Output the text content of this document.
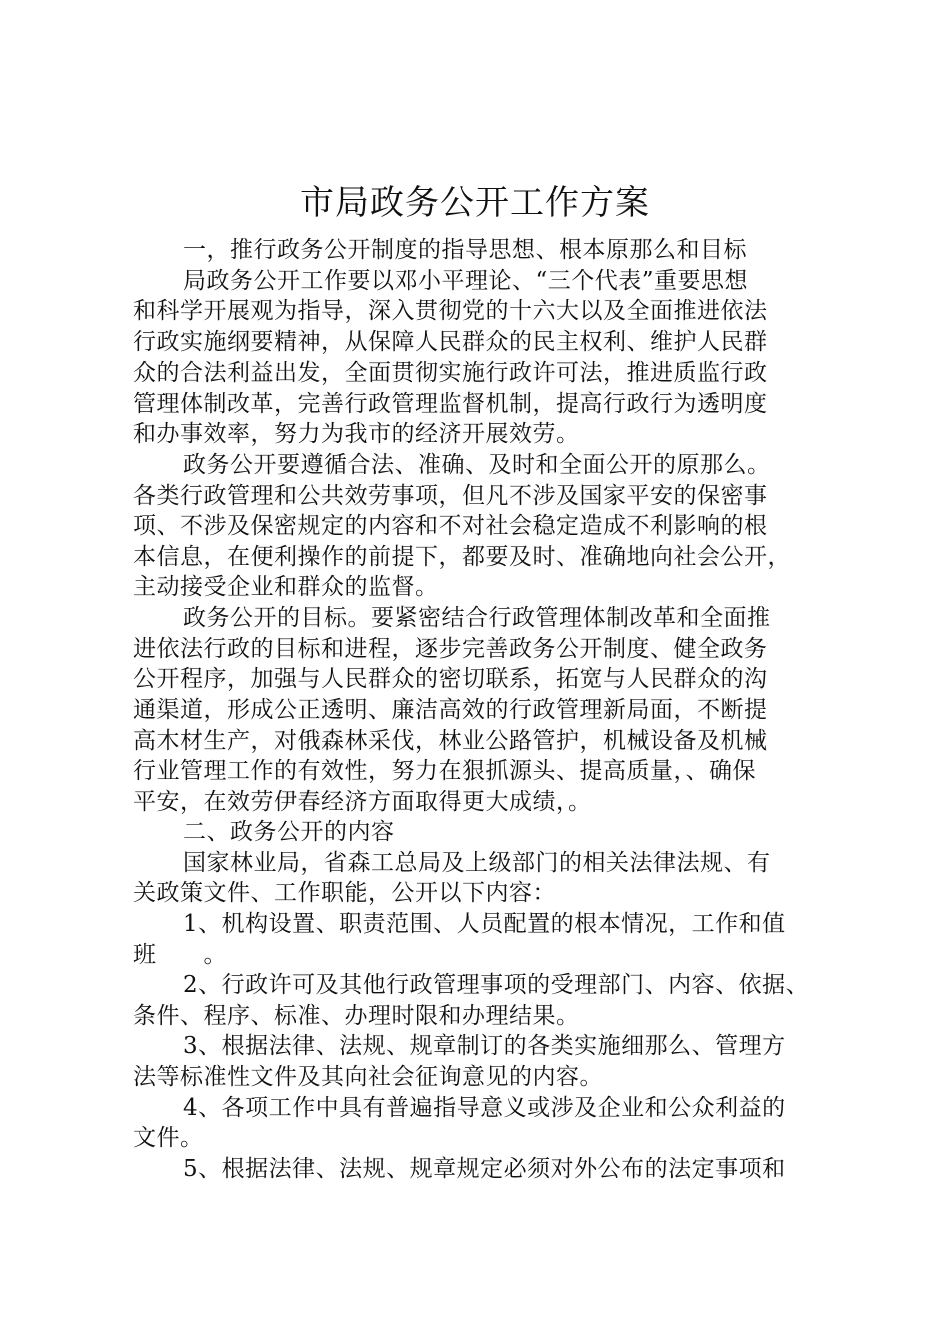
市局政务公开工作方案
一，推行政务公开制度的指导思想、根本原那么和目标
局政务公开工作要以邓小平理论、“三个代表”重要思想
和科学开展观为指导，深入贯彻党的十六大以及全面推进依法
行政实施纲要精神，从保障人民群众的民主权利、维护人民群
众的合法利益出发，全面贯彻实施行政许可法，推进质监行政
管理体制改革，完善行政管理监督机制，提高行政行为透明度
和办事效率，努力为我市的经济开展效劳。
政务公开要遵循合法、准确、及时和全面公开的原那么。
各类行政管理和公共效劳事项，但凡不涉及国家平安的保密事
项、不涉及保密规定的内容和不对社会稳定造成不利影响的根
本信息，在便利操作的前提下，都要及时、准确地向社会公开，
主动接受企业和群众的监督。
政务公开的目标。要紧密结合行政管理体制改革和全面推
进依法行政的目标和进程，逐步完善政务公开制度、健全政务
公开程序，加强与人民群众的密切联系，拓宽与人民群众的沟
通渠道，形成公正透明、廉洁高效的行政管理新局面，不断提
高木材生产，对俄森林采伐，林业公路管护，机械设备及机械
行业管理工作的有效性，努力在狠抓源头、提高质量，、确保
平安，在效劳伊春经济方面取得更大成绩，。
二、政务公开的内容
国家林业局，省森工总局及上级部门的相关法律法规、有
关政策文件、工作职能，公开以下内容：
1、机构设置、职责范围、人员配置的根本情况，工作和值
班　　。
2、行政许可及其他行政管理事项的受理部门、内容、依据、
条件、程序、标准、办理时限和办理结果。
3、根据法律、法规、规章制订的各类实施细那么、管理方
法等标准性文件及其向社会征询意见的内容。
4、各项工作中具有普遍指导意义或涉及企业和公众利益的
文件。
5、根据法律、法规、规章规定必须对外公布的法定事项和
